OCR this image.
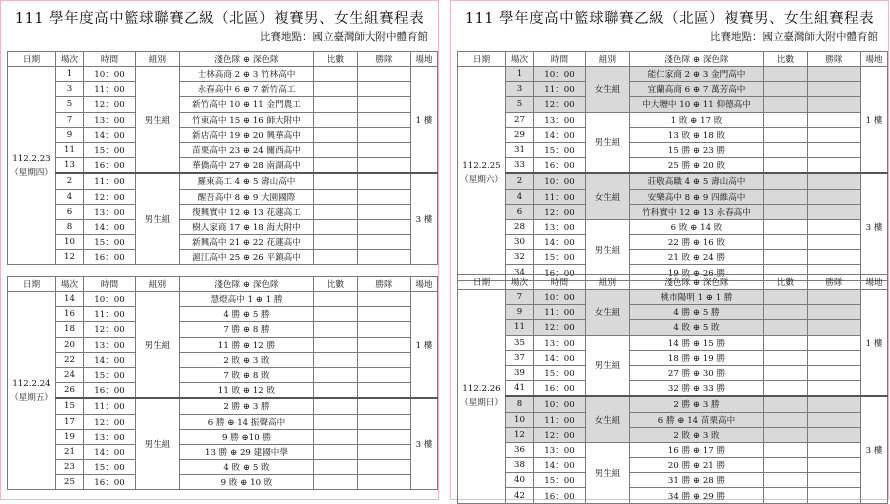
111 學年度高中籃球聯賽乙級（北區）複賽男、女生組賽程表
比賽地點：國立臺灣師大附中體育館
日期	場次	時間	組別	淺色隊 ⊕ 深色隊	比數	勝隊	場地

112.2.23
（星期四）	1	10：00	男生組	士林高商 2 ⊕ 3 竹林高中			1 樓
	3	11：00		永春高中 6 ⊕ 7 新竹高工			
	5	12：00		新竹高中 10 ⊕ 11 金門農工			
	7	13：00		竹東高中 15 ⊕ 16 師大附中			
	9	14：00		新店高中 19 ⊕ 20 興華高中			
	11	15：00		苗栗高中 23 ⊕ 24 關西高中			
	13	16：00		華僑高中 27 ⊕ 28 南湖高中			
	2	11：00	男生組	羅東高工 4 ⊕ 5 壽山高中			3 樓
	4	12：00		醒吾高中 8 ⊕ 9 大園國際			
	6	13：00		復興實中 12 ⊕ 13 花蓮高工			
	8	14：00		樹人家商 17 ⊕ 18 海大附中			
	10	15：00		新興高中 21 ⊕ 22 花蓮高中			
	12	16：00		滬江高中 25 ⊕ 26 平鎮高中			
日期	場次	時間	組別	淺色隊 ⊕ 深色隊	比數	勝隊	場地

112.2.24
（星期五）	14	10：00	男生組	慧燈高中 1 ⊕ 1 勝			1 樓
	16	11：00		4 勝 ⊕ 5 勝			
	18	12：00		7 勝 ⊕ 8 勝			
	20	13：00		11 勝 ⊕ 12 勝			
	22	14：00		2 敗 ⊕ 3 敗			
	24	15：00		7 敗 ⊕ 8 敗			
	26	16：00		11 敗 ⊕ 12 敗			
	15	11：00	男生組	2 勝 ⊕ 3 勝			3 樓
	17	12：00		6 勝 ⊕ 14 振聲高中			
	19	13：00		9 勝 ⊕10 勝			
	21	14：00		13 勝 ⊕ 29 建國中學			
	23	15：00		4 敗 ⊕ 5 敗			
	25	16：00		9 敗 ⊕ 10 敗			
111 學年度高中籃球聯賽乙級（北區）複賽男、女生組賽程表
比賽地點：國立臺灣師大附中體育館
日期	場次	時間	組別	淺色隊 ⊕ 深色隊	比數	勝隊	場地

112.2.25
（星期六）	1	10：00	女生組	能仁家商 2 ⊕ 3 金門高中			1 樓
	3	11：00		宜蘭高商 6 ⊕ 7 萬芳高中			
	5	12：00		中大壢中 10 ⊕ 11 仰德高中			
	27	13：00	男生組	1 敗 ⊕ 17 敗			
	29	14：00		13 敗 ⊕ 18 敗			
	31	15：00		15 勝 ⊕ 23 勝			
	33	16：00		25 勝 ⊕ 20 敗			
	2	10：00	女生組	莊敬高職 4 ⊕ 5 壽山高中			3 樓
	4	11：00		安樂高中 8 ⊕ 9 四維高中			
	6	12：00		竹科實中 12 ⊕ 13 永春高中			
	28	13：00	男生組	6 敗 ⊕ 14 敗			
	30	14：00		22 勝 ⊕ 16 敗			
	32	15：00		21 敗 ⊕ 24 勝			
	34	16：00		19 敗 ⊕ 26 勝			
日期	場次	時間	組別	淺色隊 ⊕ 深色隊	比數	勝隊	場地

112.2.26
（星期日）	7	10：00	女生組	桃市陽明 1 ⊕ 1 勝			1 樓
	9	11：00		4 勝 ⊕ 5 勝			
	11	12：00		4 敗 ⊕ 5 敗			
	35	13：00	男生組	14 勝 ⊕ 15 勝			
	37	14：00		18 勝 ⊕ 19 勝			
	39	15：00		27 勝 ⊕ 30 勝			
	41	16：00		32 勝 ⊕ 33 勝			
	8	10：00	女生組	2 勝 ⊕ 3 勝			3 樓
	10	11：00		6 勝 ⊕ 14 苗栗高中			
	12	12：00		2 敗 ⊕ 3 敗			
	36	13：00	男生組	16 勝 ⊕ 17 勝			
	38	14：00		20 勝 ⊕ 21 勝			
	40	15：00		31 勝 ⊕ 28 勝			
	42	16：00		34 勝 ⊕ 29 勝			
